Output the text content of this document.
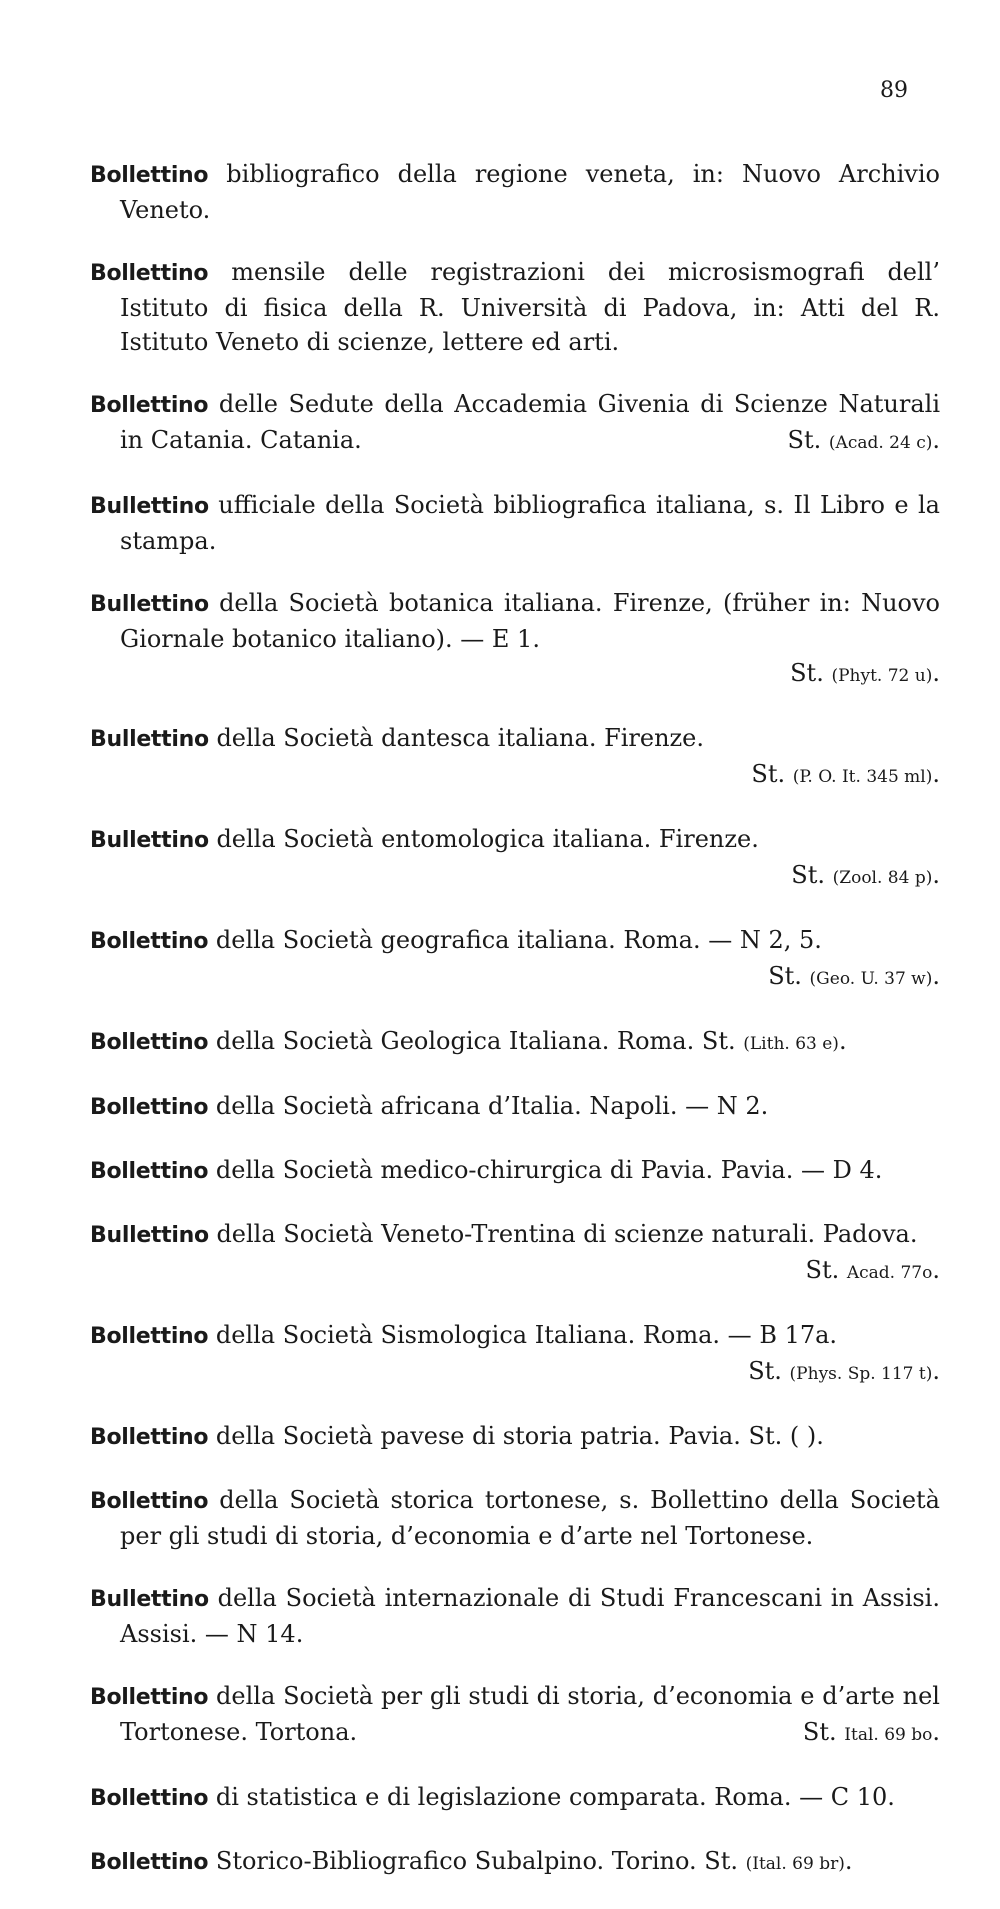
89

Bollettino bibliografico della regione veneta, in: Nuovo Archivio Veneto.

Bollettino mensile delle registrazioni dei microsismografi dell’ Istituto di fisica della R. Università di Padova, in: Atti del R. Istituto Veneto di scienze, lettere ed arti.

Bollettino delle Sedute della Accademia Givenia di Scienze Naturali in Catania. Catania.	St. (Acad. 24 c).

Bullettino ufficiale della Società bibliografica italiana, s. Il Libro e la stampa.

Bullettino della Società botanica italiana. Firenze, (früher in: Nuovo Giornale botanico italiano). — E 1.
St. (Phyt. 72 u).

Bullettino della Società dantesca italiana. Firenze.
St. (P. O. It. 345 ml).

Bullettino della Società entomologica italiana. Firenze.
St. (Zool. 84 p).

Bollettino della Società geografica italiana. Roma. — N 2, 5.
St. (Geo. U. 37 w).

Bollettino della Società Geologica Italiana. Roma. St. (Lith. 63 e).

Bollettino della Società africana d’Italia. Napoli. — N 2.

Bollettino della Società medico-chirurgica di Pavia. Pavia. — D 4.

Bullettino della Società Veneto-Trentina di scienze naturali. Padova.
St. Acad. 77o.

Bollettino della Società Sismologica Italiana. Roma. — B 17a.
St. (Phys. Sp. 117 t).

Bollettino della Società pavese di storia patria. Pavia. St. ( ).

Bollettino della Società storica tortonese, s. Bollettino della Società per gli studi di storia, d’economia e d’arte nel Tortonese.

Bullettino della Società internazionale di Studi Francescani in Assisi. Assisi. — N 14.

Bollettino della Società per gli studi di storia, d’economia e d’arte nel Tortonese. Tortona.	St. Ital. 69 bo.

Bollettino di statistica e di legislazione comparata. Roma. — C 10.

Bollettino Storico-Bibliografico Subalpino. Torino. St. (Ital. 69 br).
